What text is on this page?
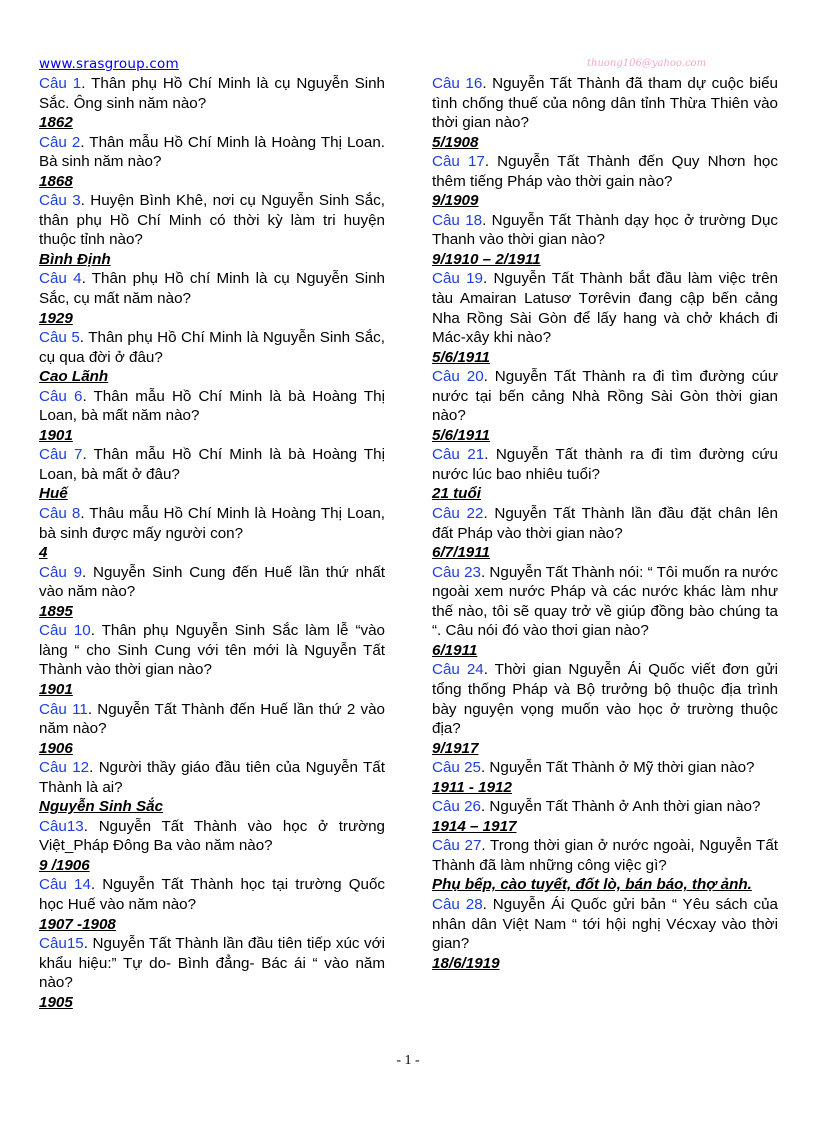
www.srasgroup.com	thuong106@yahoo.com

Câu 1. Thân phụ Hồ Chí Minh là cụ Nguyễn Sinh Sắc. Ông sinh năm nào?

1862

Câu 2. Thân mẫu Hồ Chí Minh là Hoàng Thị Loan. Bà sinh năm nào?

1868

Câu 3. Huyện Bình Khê, nơi cụ Nguyễn Sinh Sắc, thân phụ Hồ Chí Minh có thời kỳ làm tri huyện thuộc tỉnh nào?

Bình Định

Câu 4. Thân phụ Hồ chí Minh là cụ Nguyễn Sinh Sắc, cụ mất năm nào?

1929

Câu 5. Thân phụ Hồ Chí Minh là Nguyễn Sinh Sắc, cụ qua đời ở đâu?

Cao Lãnh

Câu 6. Thân mẫu Hồ Chí Minh là bà Hoàng Thị Loan, bà mất năm nào?

1901

Câu 7. Thân mẫu Hồ Chí Minh là bà Hoàng Thị Loan, bà mất ở đâu?

Huế

Câu 8. Thâu mẫu Hồ Chí Minh là Hoàng Thị Loan, bà sinh được mấy người con?

4

Câu 9. Nguyễn Sinh Cung đến Huế lần thứ nhất vào năm nào?

1895

Câu 10. Thân phụ Nguyễn Sinh Sắc làm lễ “vào làng “ cho Sinh Cung với tên mới là Nguyễn Tất Thành vào thời gian nào?

1901

Câu 11. Nguyễn Tất Thành đến Huế lần thứ 2 vào năm nào?

1906

Câu 12. Người thầy giáo đầu tiên của Nguyễn Tất Thành là ai?

Nguyễn Sinh Sắc

Câu13. Nguyễn Tất Thành vào học ở trường Việt_Pháp Đông Ba vào năm nào?

9 /1906

Câu 14. Nguyễn Tất Thành học tại trường Quốc học Huế vào năm nào?

1907 -1908

Câu15. Nguyễn Tất Thành lần đầu tiên tiếp xúc với khẩu hiệu:” Tự do- Bình đẳng- Bác ái “ vào năm nào?

1905

Câu 16. Nguyễn Tất Thành đã tham dự cuộc biểu tình chống thuế của nông dân tỉnh Thừa Thiên vào thời gian nào?

5/1908

Câu 17. Nguyễn Tất Thành đến Quy Nhơn học thêm tiếng Pháp vào thời gain nào?

9/1909

Câu 18. Nguyễn Tất Thành dạy học ở trường Dục Thanh vào thời gian nào?

9/1910 – 2/1911

Câu 19. Nguyễn Tất Thành bắt đầu làm việc trên tàu Amairan Latusơ Tơrêvin đang cập bến cảng Nha Rồng Sài Gòn để lấy hang và chở khách đi Mác-xây khi nào?

5/6/1911

Câu 20. Nguyễn Tất Thành ra đi tìm đường cúư nước tại bến cảng Nhà Rồng Sài Gòn thời gian nào?

5/6/1911

Câu 21. Nguyễn Tất thành ra đi tìm đường cứu nước lúc bao nhiêu tuổi?

21 tuổi

Câu 22. Nguyễn Tất Thành lần đầu đặt chân lên đất Pháp vào thời gian nào?

6/7/1911

Câu 23. Nguyễn Tất Thành nói: “ Tôi muốn ra nước ngoài xem nước Pháp và các nước khác làm như thế nào, tôi sẽ quay trở về giúp đồng bào chúng ta “. Câu nói đó vào thơi gian nào?

6/1911

Câu 24. Thời gian Nguyễn Ái Quốc viết đơn gửi tổng thống Pháp và Bộ trưởng bộ thuộc địa trình bày nguyện vọng muốn vào học ở trường thuộc địa?

9/1917

Câu 25. Nguyễn Tất Thành ở Mỹ thời gian nào?

1911 - 1912

Câu 26. Nguyễn Tất Thành ở Anh thời gian nào?

1914 – 1917

Câu 27. Trong thời gian ở nước ngoài, Nguyễn Tất Thành đã làm những công việc gì?

Phụ bếp, cào tuyết, đốt lò, bán báo, thợ ảnh.

Câu 28. Nguyễn Ái Quốc gửi bản “ Yêu sách của nhân dân Việt Nam “ tới hội nghị Vécxay vào thời gian?

18/6/1919

- 1 -
